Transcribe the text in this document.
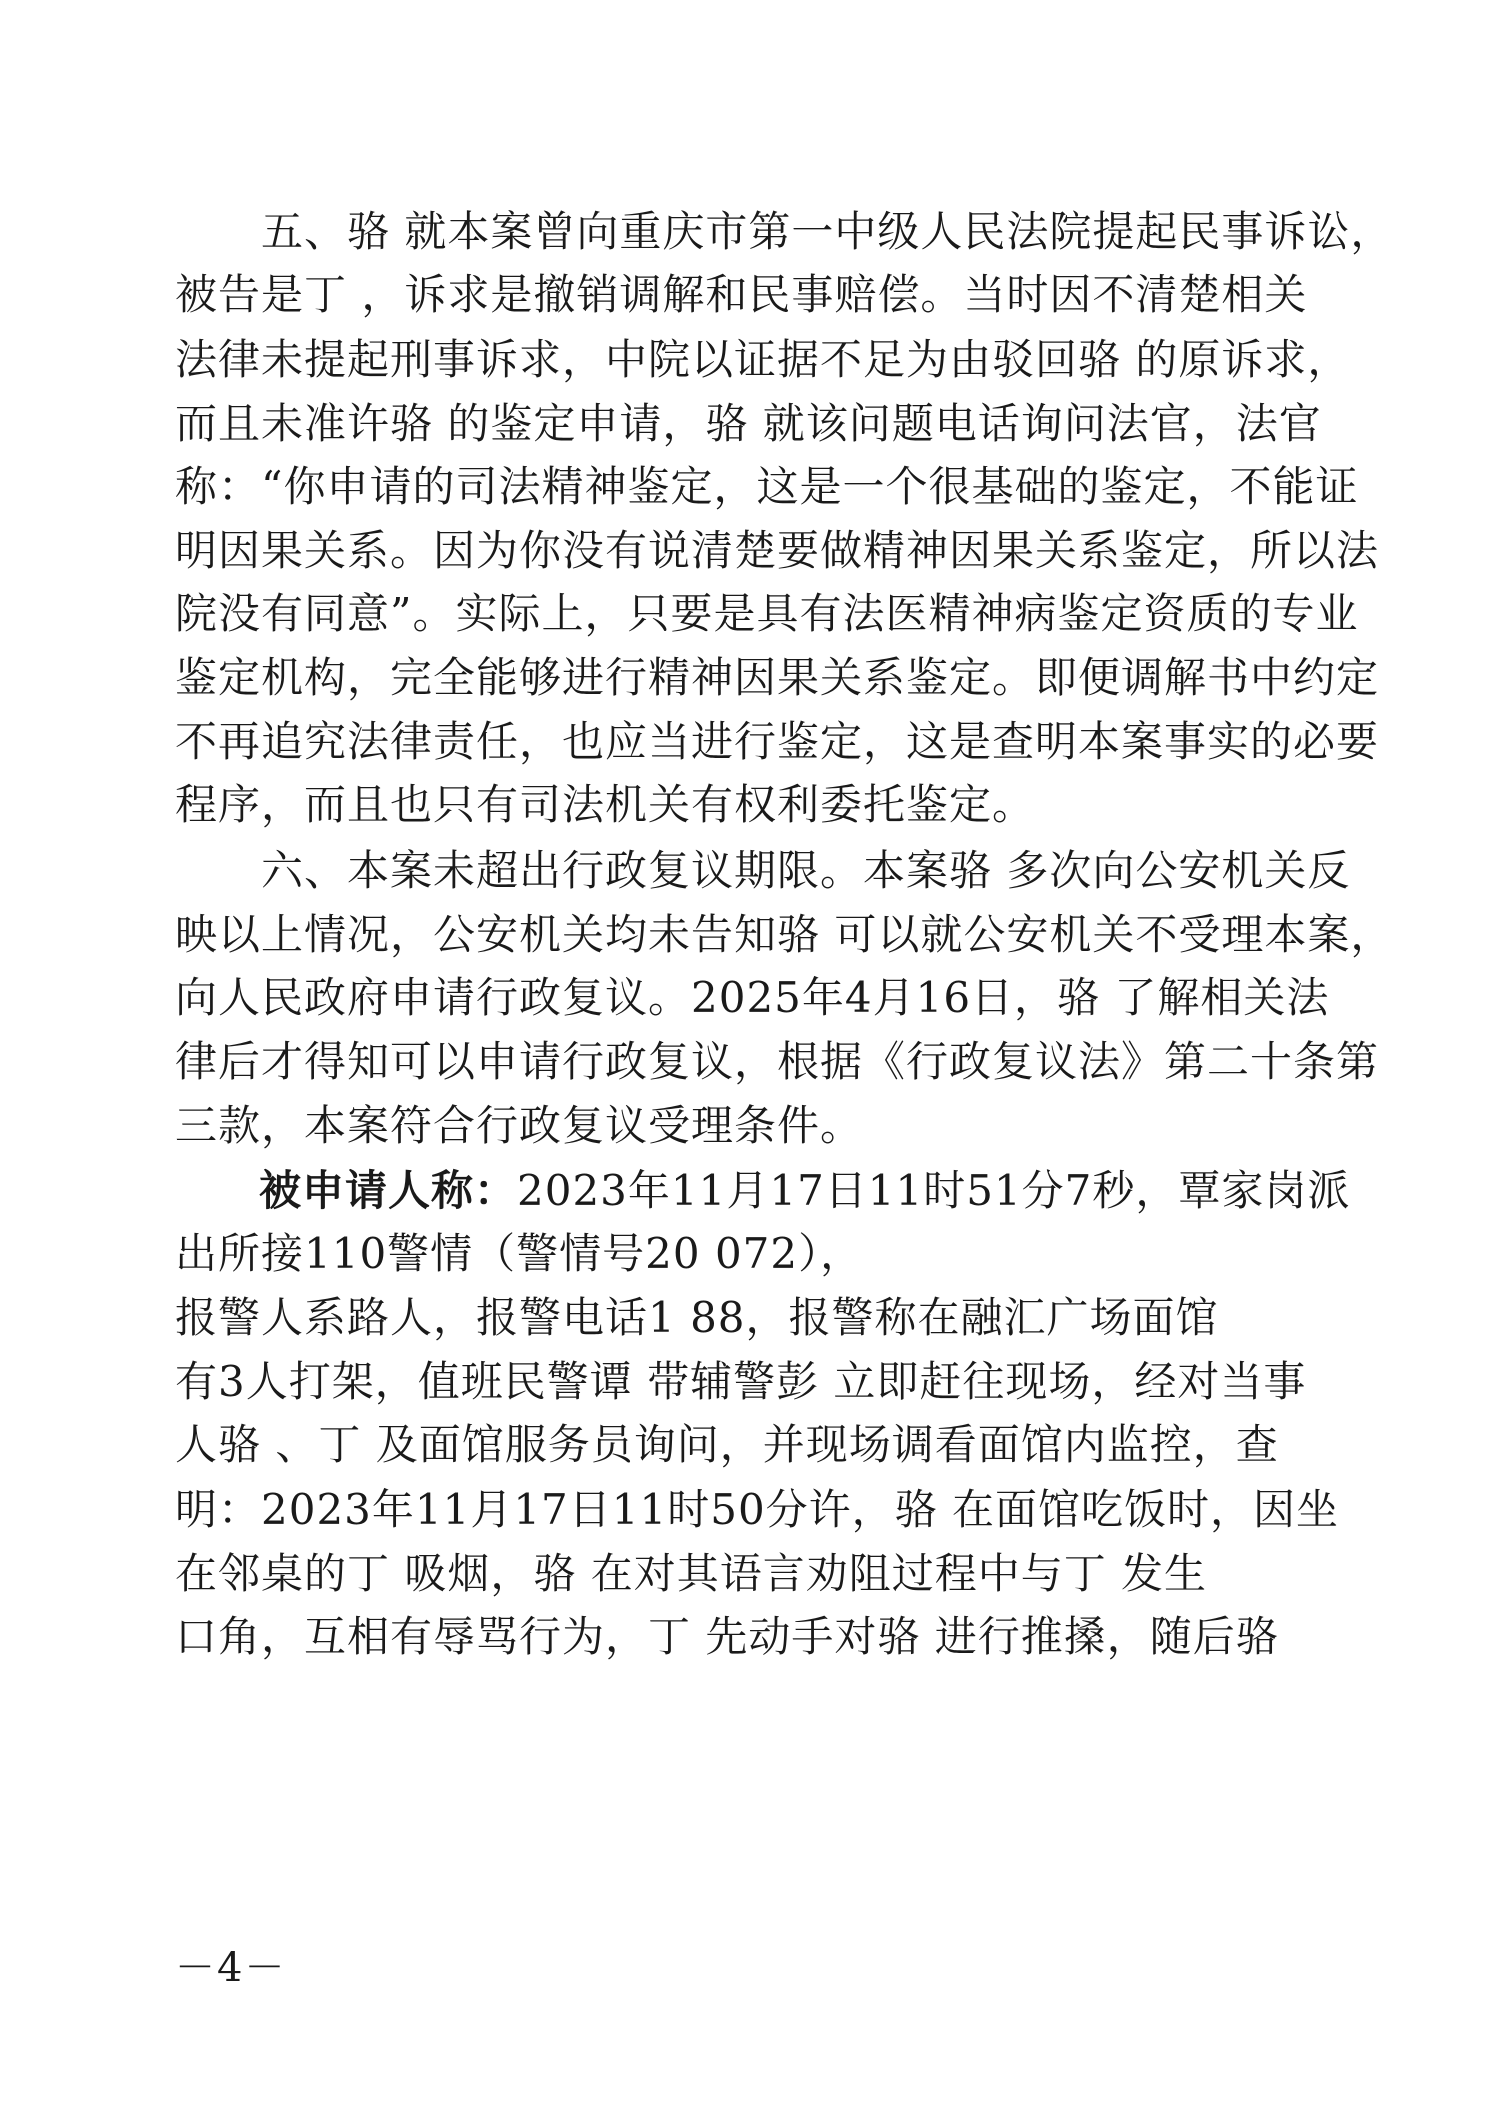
　　五、骆 就本案曾向重庆市第一中级人民法院提起民事诉讼，
被告是丁 ，诉求是撤销调解和民事赔偿。当时因不清楚相关
法律未提起刑事诉求，中院以证据不足为由驳回骆 的原诉求，
而且未准许骆 的鉴定申请，骆 就该问题电话询问法官，法官
称：“你申请的司法精神鉴定，这是一个很基础的鉴定，不能证
明因果关系。因为你没有说清楚要做精神因果关系鉴定，所以法
院没有同意”。实际上，只要是具有法医精神病鉴定资质的专业
鉴定机构，完全能够进行精神因果关系鉴定。即便调解书中约定
不再追究法律责任，也应当进行鉴定，这是查明本案事实的必要
程序，而且也只有司法机关有权利委托鉴定。
　　六、本案未超出行政复议期限。本案骆 多次向公安机关反
映以上情况，公安机关均未告知骆 可以就公安机关不受理本案，
向人民政府申请行政复议。2025年4月16日，骆 了解相关法
律后才得知可以申请行政复议，根据《行政复议法》第二十条第
三款，本案符合行政复议受理条件。
被申请人称：2023年11月17日11时51分7秒，覃家岗派
出所接110警情（警情号20 072），
报警人系路人，报警电话1 88，报警称在融汇广场面馆
有3人打架，值班民警谭 带辅警彭 立即赶往现场，经对当事
人骆 、丁 及面馆服务员询问，并现场调看面馆内监控，查
明：2023年11月17日11时50分许，骆 在面馆吃饭时，因坐
在邻桌的丁 吸烟，骆 在对其语言劝阻过程中与丁 发生
口角，互相有辱骂行为，丁 先动手对骆 进行推搡，随后骆
－4－
